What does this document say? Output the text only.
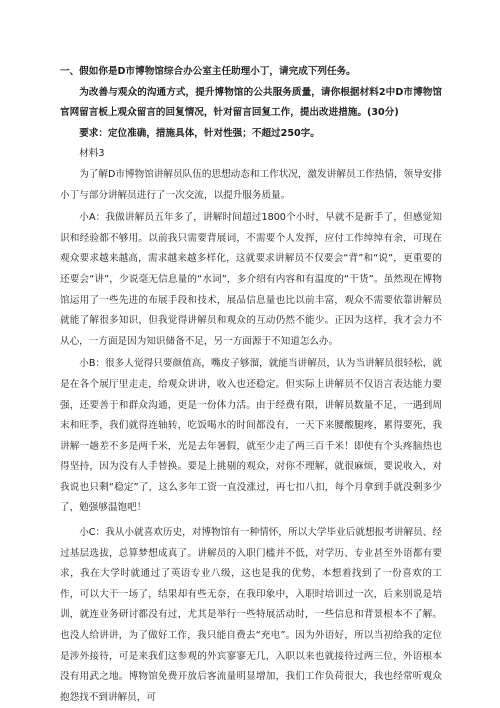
一、假如你是D市博物馆综合办公室主任助理小丁，请完成下列任务。

为改善与观众的沟通方式，提升博物馆的公共服务质量，请你根据材料2中D市博物馆官网留言板上观众留言的回复情况，针对留言回复工作，提出改进措施。(30分)

要求：定位准确，措施具体，针对性强；不超过250字。

材料3

为了解D市博物馆讲解员队伍的思想动态和工作状况，激发讲解员工作热情，领导安排小丁与部分讲解员进行了一次交流，以提升服务质量。

小A：我做讲解员五年多了，讲解时间超过1800个小时，早就不是新手了，但感觉知识和经验都不够用。以前我只需要背展词，不需要个人发挥，应付工作绰绰有余，可现在观众要求越来越高，需求越来越多样化，这就要求讲解员不仅要会“背”和“说”，更重要的还要会“讲”，少说毫无信息量的“水词”，多介绍有内容和有温度的“干货”。虽然现在博物馆运用了一些先进的布展手段和技术，展品信息量也比以前丰富，观众不需要依靠讲解员就能了解很多知识，但我觉得讲解员和观众的互动仍然不能少。正因为这样，我才会力不从心，一方面是因为知识储备不足，另一方面源于不知道怎么办。

小B：很多人觉得只要颜值高，嘴皮子够溜，就能当讲解员，认为当讲解员很轻松，就是在各个展厅里走走，给观众讲讲，收入也还稳定。但实际上讲解员不仅语言表达能力要强，还要善于和群众沟通，更是一份体力活。由于经费有限，讲解员数量不足，一遇到周末和旺季，我们就得连轴转，吃饭喝水的时间都没有，一天下来腰酸腿疼，累得要死，我讲解一趟差不多是两千米，光是去年暑假，就至少走了两三百千米！即使有个头疼脑热也得坚持，因为没有人手替换。要是上挑剔的观众，对你不理解，就很麻烦，要说收入，对我说也只剩“稳定”了，这么多年工资一直没涨过，再七扣八扣，每个月拿到手就没剩多少了，勉强够温饱吧！

小C：我从小就喜欢历史，对博物馆有一种情怀，所以大学毕业后就想报考讲解员、经过基层选拔，总算梦想成真了。讲解员的入职门槛并不低，对学历、专业甚至外语都有要求，我在大学时就通过了英语专业八级，这也是我的优势，本想着找到了一份喜欢的工作，可以大干一场了，结果却有些无奈，在我印象中，入职时培训过一次，后来别说是培训，就连业务研讨都没有过，尤其是举行一些特展活动时，一些信息和背景根本不了解。也没人给讲讲，为了做好工作，我只能自费去“充电”。因为外语好，所以当初给我的定位是涉外接待，可是来我们这参观的外宾寥寥无几，入职以来也就接待过两三位，外语根本没有用武之地。博物馆免费开放后客流量明显增加，我们工作负荷很大，我也经常听观众抱怨找不到讲解员，可
